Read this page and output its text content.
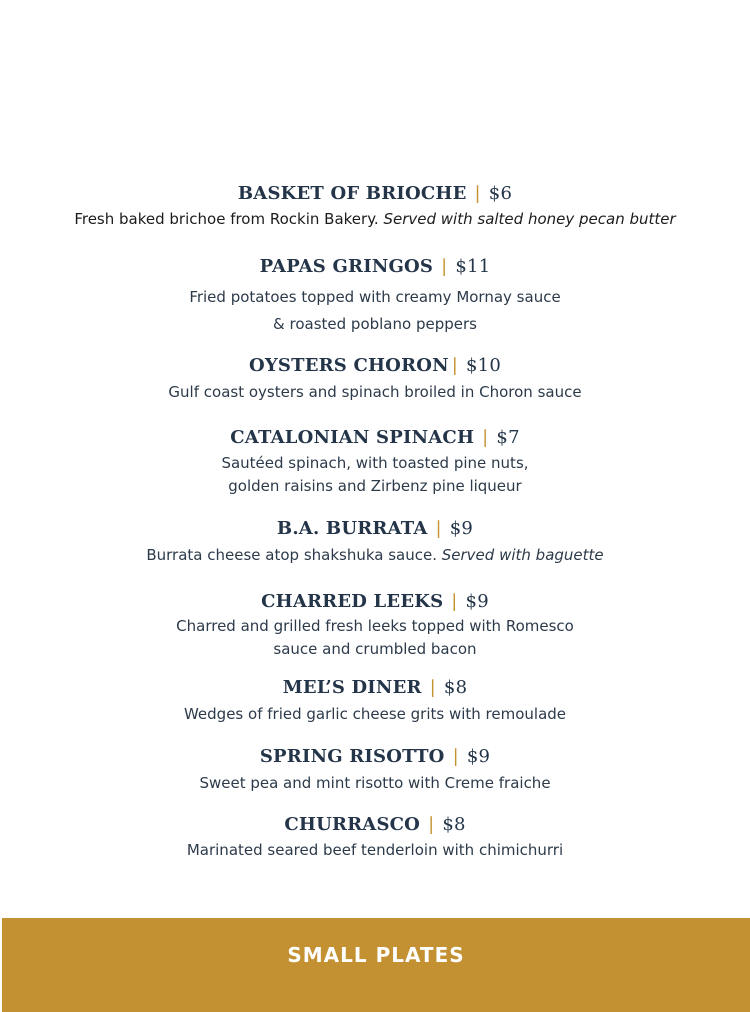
BASKET OF BRIOCHE | $6
Fresh baked brichoe from Rockin Bakery. Served with salted honey pecan butter
PAPAS GRINGOS | $11
Fried potatoes topped with creamy Mornay sauce
& roasted poblano peppers
OYSTERS CHORON | $10
Gulf coast oysters and spinach broiled in Choron sauce
CATALONIAN SPINACH | $7
Sautéed spinach, with toasted pine nuts,
golden raisins and Zirbenz pine liqueur
B.A. BURRATA | $9
Burrata cheese atop shakshuka sauce. Served with baguette
CHARRED LEEKS | $9
Charred and grilled fresh leeks topped with Romesco
sauce and crumbled bacon
MEL’S DINER | $8
Wedges of fried garlic cheese grits with remoulade
SPRING RISOTTO | $9
Sweet pea and mint risotto with Creme fraiche
CHURRASCO | $8
Marinated seared beef tenderloin with chimichurri
SMALL PLATES
